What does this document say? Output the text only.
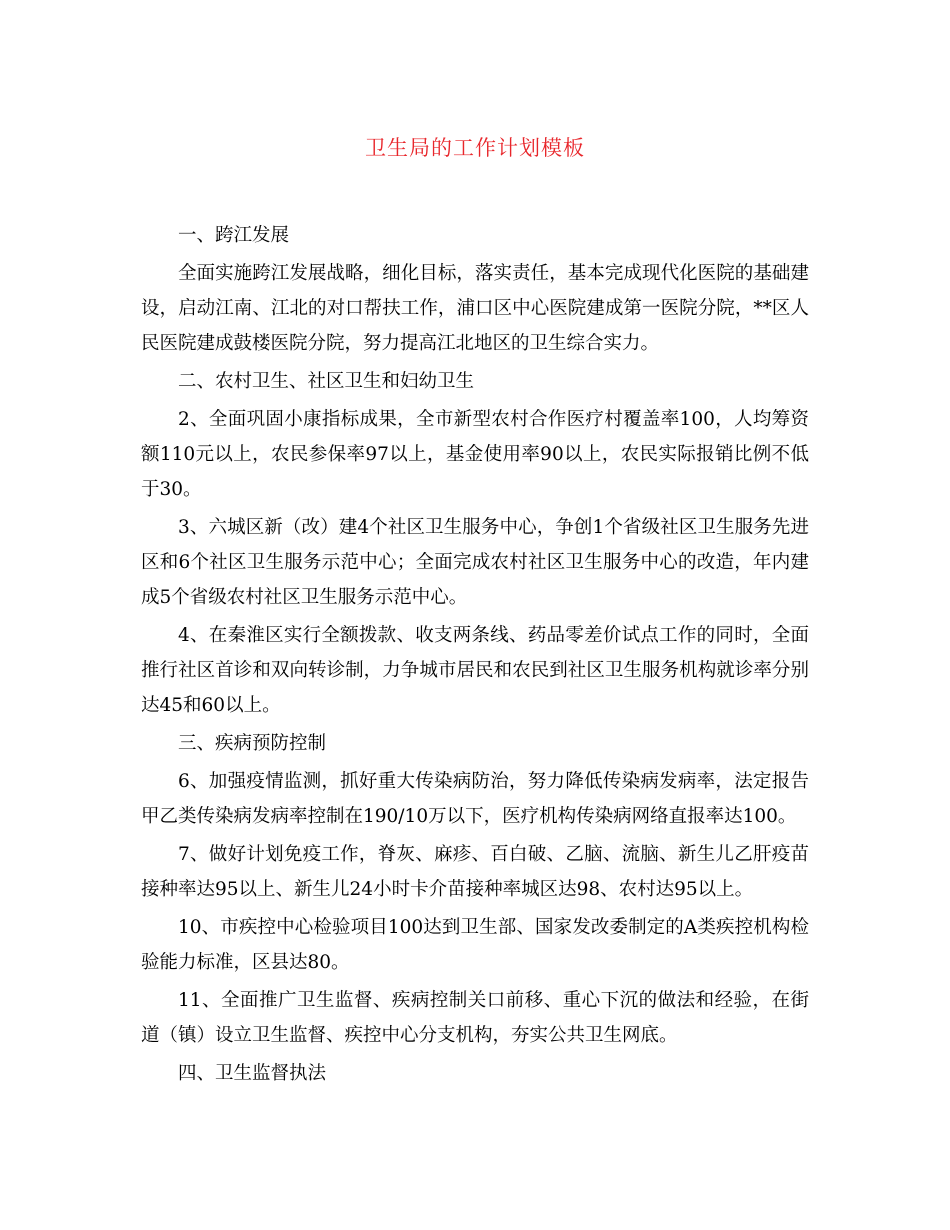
卫生局的工作计划模板
一、跨江发展
全面实施跨江发展战略，细化目标，落实责任，基本完成现代化医院的基础建设，启动江南、江北的对口帮扶工作，浦口区中心医院建成第一医院分院，**区人民医院建成鼓楼医院分院，努力提高江北地区的卫生综合实力。
二、农村卫生、社区卫生和妇幼卫生
2、全面巩固小康指标成果，全市新型农村合作医疗村覆盖率100，人均筹资额110元以上，农民参保率97以上，基金使用率90以上，农民实际报销比例不低于30。
3、六城区新（改）建4个社区卫生服务中心，争创1个省级社区卫生服务先进区和6个社区卫生服务示范中心；全面完成农村社区卫生服务中心的改造，年内建成5个省级农村社区卫生服务示范中心。
4、在秦淮区实行全额拨款、收支两条线、药品零差价试点工作的同时，全面推行社区首诊和双向转诊制，力争城市居民和农民到社区卫生服务机构就诊率分别达45和60以上。
三、疾病预防控制
6、加强疫情监测，抓好重大传染病防治，努力降低传染病发病率，法定报告甲乙类传染病发病率控制在190/10万以下，医疗机构传染病网络直报率达100。
7、做好计划免疫工作，脊灰、麻疹、百白破、乙脑、流脑、新生儿乙肝疫苗接种率达95以上、新生儿24小时卡介苗接种率城区达98、农村达95以上。
10、市疾控中心检验项目100达到卫生部、国家发改委制定的A类疾控机构检验能力标准，区县达80。
11、全面推广卫生监督、疾病控制关口前移、重心下沉的做法和经验，在街道（镇）设立卫生监督、疾控中心分支机构，夯实公共卫生网底。
四、卫生监督执法
